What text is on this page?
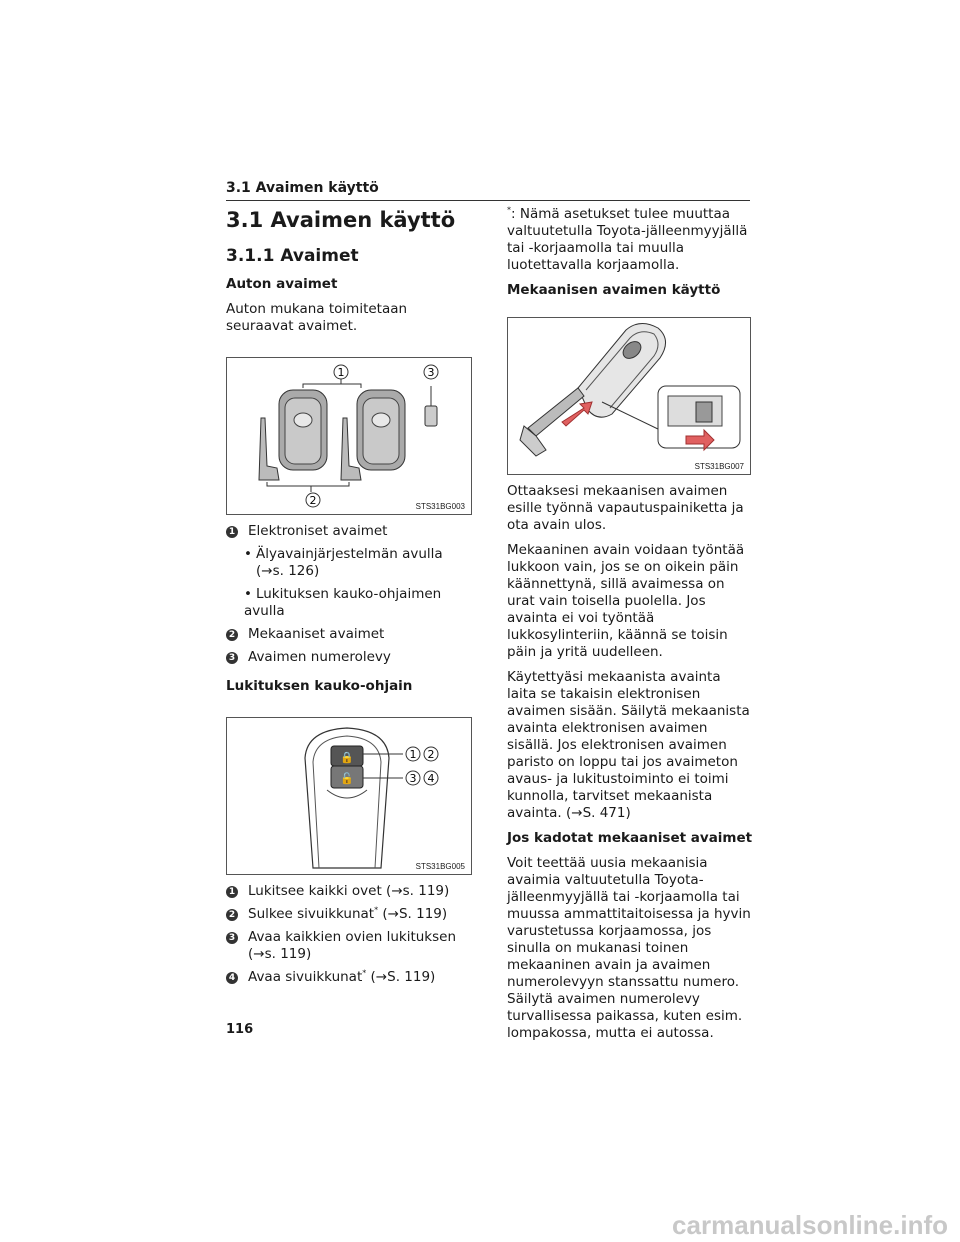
3.1 Avaimen käyttö
3.1 Avaimen käyttö
3.1.1 Avaimet
Auton avaimet

Auton mukana toimitetaan seuraavat avaimet.

1
2
3
STS31BG003
1 Elektroniset avaimet
• Älyavainjärjestelmän avulla
(→s. 126)
• Lukituksen kauko-ohjaimen avulla
2 Mekaaniset avaimet
3 Avaimen numerolevy
Lukituksen kauko-ohjain
🔒
🔓
1 2
3 4
STS31BG005
1 Lukitsee kaikki ovet (→s. 119)
2 Sulkee sivuikkunat* (→S. 119)
3 Avaa kaikkien ovien lukituksen

(→s. 119)
4 Avaa sivuikkunat* (→S. 119)

*: Nämä asetukset tulee muuttaa valtuutetulla Toyota-jälleenmyyjällä tai -korjaamolla tai muulla luotettavalla korjaamolla.

Mekaanisen avaimen käyttö
STS31BG007

Ottaaksesi mekaanisen avaimen esille työnnä vapautuspainiketta ja ota avain ulos.

Mekaaninen avain voidaan työntää lukkoon vain, jos se on oikein päin käännettynä, sillä avaimessa on urat vain toisella puolella. Jos avainta ei voi työntää lukkosylinteriin, käännä se toisin päin ja yritä uudelleen.

Käytettyäsi mekaanista avainta laita se takaisin elektronisen avaimen sisään. Säilytä mekaanista avainta elektronisen avaimen sisällä. Jos elektronisen avaimen paristo on loppu tai jos avaimeton avaus- ja lukitustoiminto ei toimi kunnolla, tarvitset mekaanista avainta. (→S. 471)

Jos kadotat mekaaniset avaimet

Voit teettää uusia mekaanisia avaimia valtuutetulla Toyota-jälleenmyyjällä tai -korjaamolla tai muussa ammattitaitoisessa ja hyvin varustetussa korjaamossa, jos sinulla on mukanasi toinen mekaaninen avain ja avaimen numerolevyyn stanssattu numero. Säilytä avaimen numerolevy turvallisessa paikassa, kuten esim. lompakossa, mutta ei autossa.

116
carmanualsonline.info
